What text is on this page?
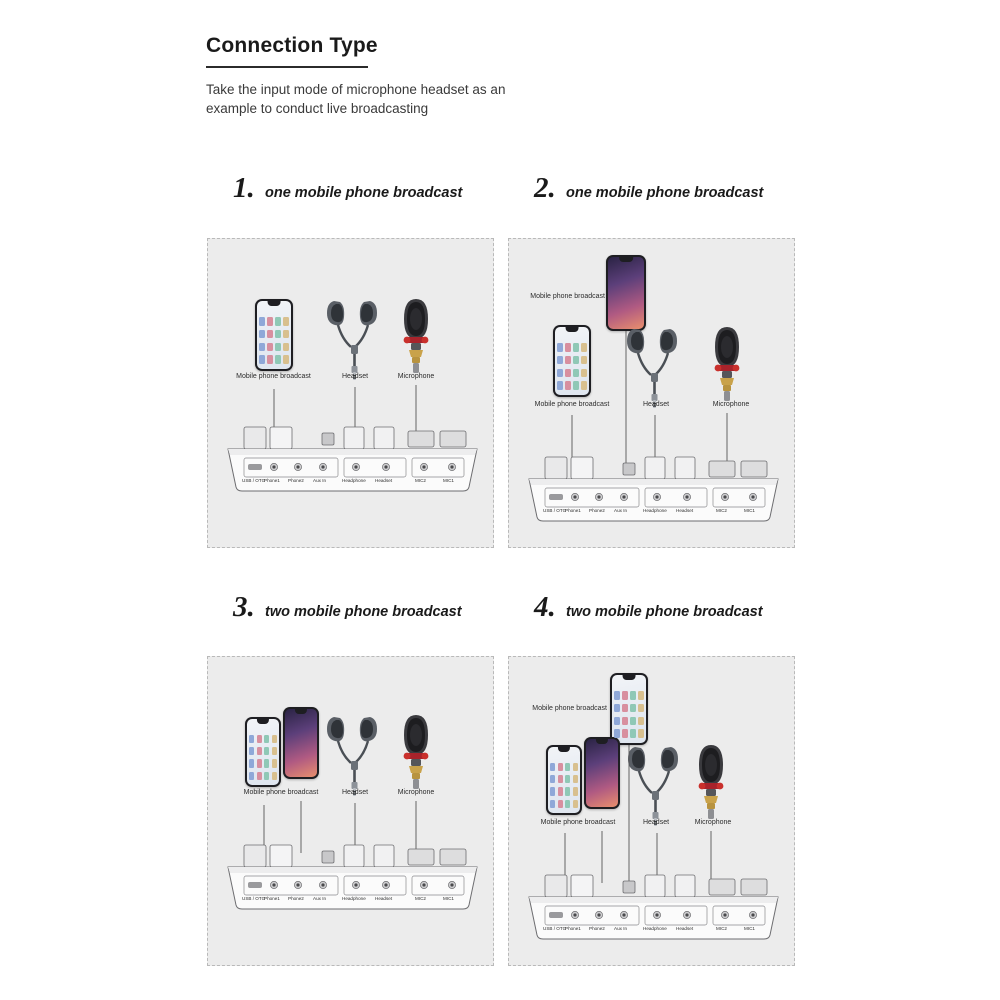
Connection Type
Take the input mode of microphone headset as an example to conduct live broadcasting
1. one mobile phone broadcast
Mobile phone broadcast	Headset	Microphone
USB / OTG
Phone1 Phone2 Aux In	Headphone Headset	MIC2	MIC1
2. one mobile phone broadcast
Mobile phone broadcast
Mobile phone broadcast	Headset	Microphone
USB / OTG
Phone1 Phone2 Aux In	Headphone Headset	MIC2	MIC1
3. two mobile phone broadcast
Mobile phone broadcast	Headset	Microphone
USB / OTG
Phone1 Phone2 Aux In	Headphone Headset	MIC2	MIC1
4. two mobile phone broadcast
Mobile phone broadcast
Mobile phone broadcast	Headset	Microphone
USB / OTG
Phone1 Phone2 Aux In	Headphone Headset	MIC2	MIC1
